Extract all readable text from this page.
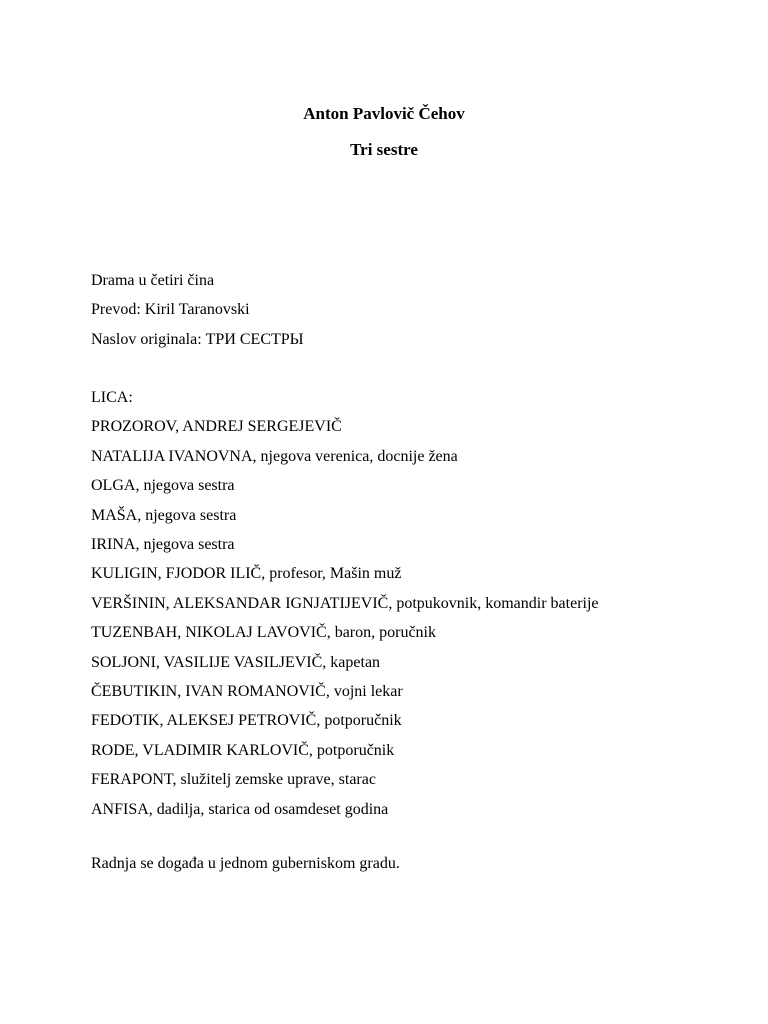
Anton Pavlovič Čehov

Tri sestre

Drama u četiri čina

Prevod: Kiril Taranovski

Naslov originala: ТРИ СЕСТРЫ

LICA:

PROZOROV, ANDREJ SERGEJEVIČ

NATALIJA IVANOVNA, njegova verenica, docnije žena

OLGA, njegova sestra

MAŠA, njegova sestra

IRINA, njegova sestra

KULIGIN, FJODOR ILIČ, profesor, Mašin muž

VERŠININ, ALEKSANDAR IGNJATIJEVIČ, potpukovnik, komandir baterije

TUZENBAH, NIKOLAJ LAVOVIČ, baron, poručnik

SOLJONI, VASILIJE VASILJEVIČ, kapetan

ČEBUTIKIN, IVAN ROMANOVIČ, vojni lekar

FEDOTIK, ALEKSEJ PETROVIČ, potporučnik

RODE, VLADIMIR KARLOVIČ, potporučnik

FERAPONT, služitelj zemske uprave, starac

ANFISA, dadilja, starica od osamdeset godina

Radnja se događa u jednom guberniskom gradu.
